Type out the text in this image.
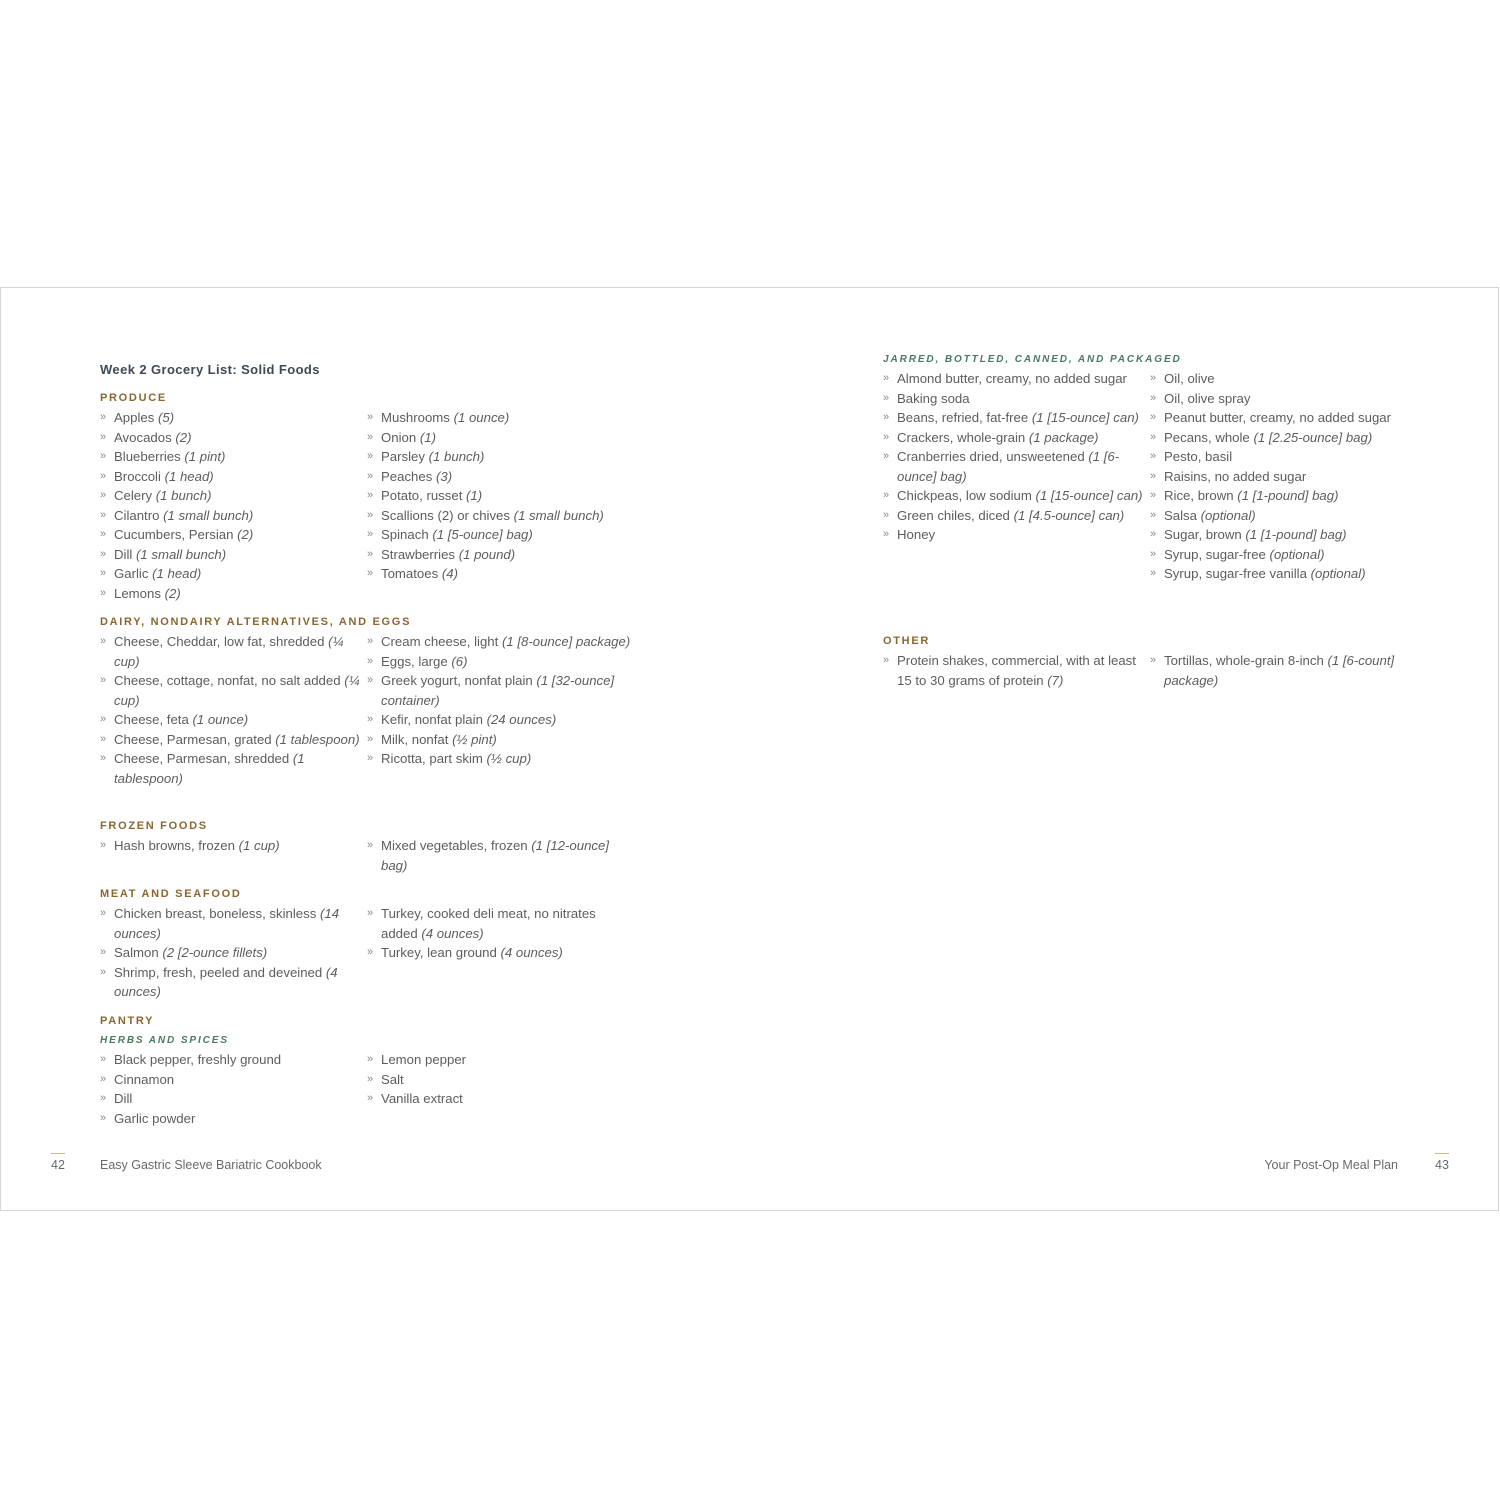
Week 2 Grocery List: Solid Foods
PRODUCE
» Apples (5)
» Avocados (2)
» Blueberries (1 pint)
» Broccoli (1 head)
» Celery (1 bunch)
» Cilantro (1 small bunch)
» Cucumbers, Persian (2)
» Dill (1 small bunch)
» Garlic (1 head)
» Lemons (2)
» Mushrooms (1 ounce)
» Onion (1)
» Parsley (1 bunch)
» Peaches (3)
» Potato, russet (1)
» Scallions (2) or chives (1 small bunch)
» Spinach (1 [5-ounce] bag)
» Strawberries (1 pound)
» Tomatoes (4)
DAIRY, NONDAIRY ALTERNATIVES, AND EGGS
» Cheese, Cheddar, low fat, shredded (¼ cup)
» Cheese, cottage, nonfat, no salt added (¼ cup)
» Cheese, feta (1 ounce)
» Cheese, Parmesan, grated (1 tablespoon)
» Cheese, Parmesan, shredded (1 tablespoon)
» Cream cheese, light (1 [8-ounce] package)
» Eggs, large (6)
» Greek yogurt, nonfat plain (1 [32-ounce] container)
» Kefir, nonfat plain (24 ounces)
» Milk, nonfat (½ pint)
» Ricotta, part skim (½ cup)
FROZEN FOODS
» Hash browns, frozen (1 cup)
»	Mixed vegetables, frozen (1 [12-ounce] bag)
MEAT AND SEAFOOD
» Chicken breast, boneless, skinless (14 ounces)
» Salmon (2 [2-ounce fillets)
» Shrimp, fresh, peeled and deveined (4 ounces)
» Turkey, cooked deli meat, no nitrates added (4 ounces)
» Turkey, lean ground (4 ounces)
PANTRY
HERBS AND SPICES
» Black pepper, freshly ground
» Cinnamon
» Dill
» Garlic powder
» Lemon pepper
» Salt
» Vanilla extract
42	Easy Gastric Sleeve Bariatric Cookbook
JARRED, BOTTLED, CANNED, AND PACKAGED
» Almond butter, creamy, no added sugar
» Baking soda
» Beans, refried, fat-free (1 [15-ounce] can)
» Crackers, whole-grain (1 package)
» Cranberries dried, unsweetened (1 [6-ounce] bag)
» Chickpeas, low sodium (1 [15-ounce] can)
» Green chiles, diced (1 [4.5-ounce] can)
» Honey
» Oil, olive
» Oil, olive spray
» Peanut butter, creamy, no added sugar
» Pecans, whole (1 [2.25-ounce] bag)
» Pesto, basil
» Raisins, no added sugar
» Rice, brown (1 [1-pound] bag)
» Salsa (optional)
» Sugar, brown (1 [1-pound] bag)
» Syrup, sugar-free (optional)
» Syrup, sugar-free vanilla (optional)
OTHER
» Protein shakes, commercial, with at least 15 to 30 grams of protein (7)
» Tortillas, whole-grain 8-inch (1 [6-count] package)
Your Post-Op Meal Plan	43
